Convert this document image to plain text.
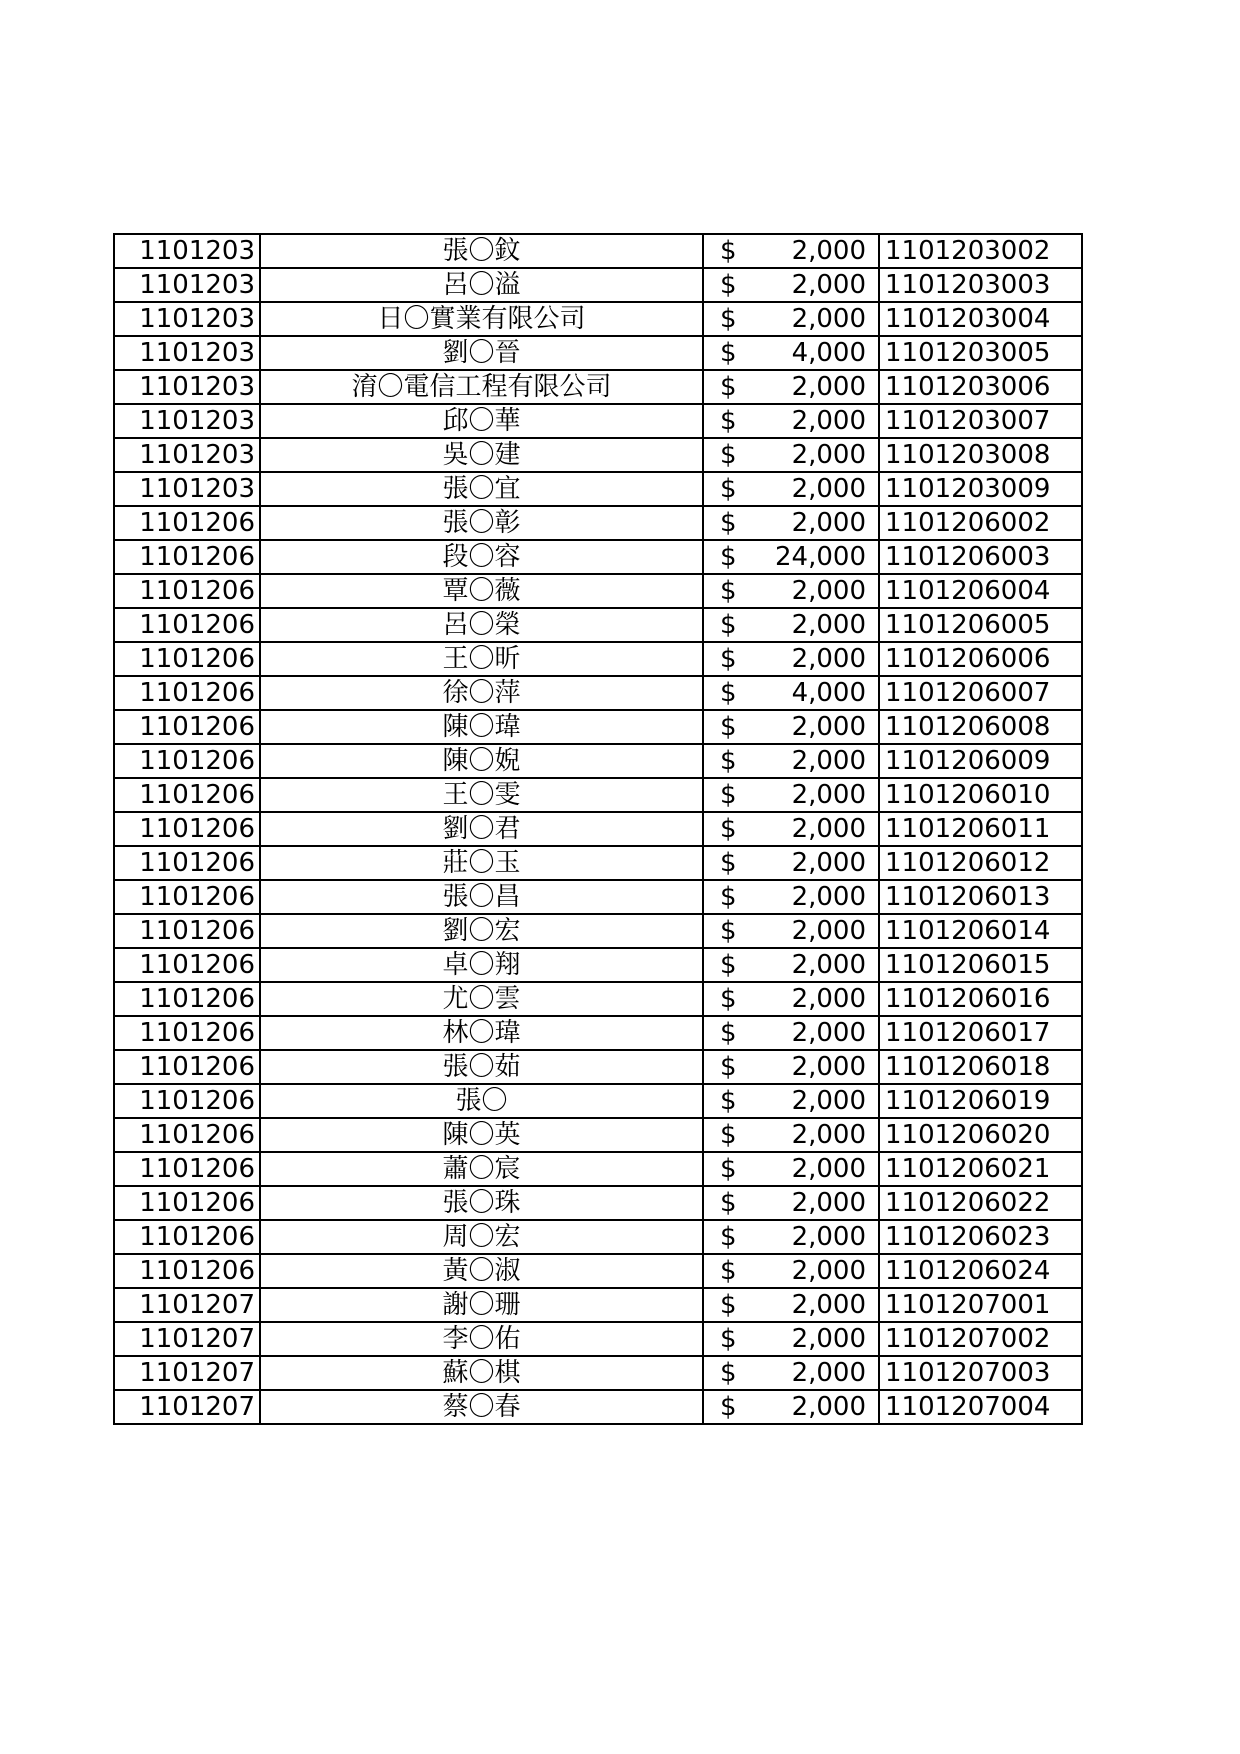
1101203	張〇鈫	$ 2,000	1101203002
1101203	呂〇溢	$ 2,000	1101203003
1101203	日〇實業有限公司	$ 2,000	1101203004
1101203	劉〇晉	$ 4,000	1101203005
1101203	淯〇電信工程有限公司	$ 2,000	1101203006
1101203	邱〇華	$ 2,000	1101203007
1101203	吳〇建	$ 2,000	1101203008
1101203	張〇宜	$ 2,000	1101203009
1101206	張〇彰	$ 2,000	1101206002
1101206	段〇容	$ 24,000	1101206003
1101206	覃〇薇	$ 2,000	1101206004
1101206	呂〇榮	$ 2,000	1101206005
1101206	王〇昕	$ 2,000	1101206006
1101206	徐〇萍	$ 4,000	1101206007
1101206	陳〇瑋	$ 2,000	1101206008
1101206	陳〇婗	$ 2,000	1101206009
1101206	王〇雯	$ 2,000	1101206010
1101206	劉〇君	$ 2,000	1101206011
1101206	莊〇玉	$ 2,000	1101206012
1101206	張〇昌	$ 2,000	1101206013
1101206	劉〇宏	$ 2,000	1101206014
1101206	卓〇翔	$ 2,000	1101206015
1101206	尤〇雲	$ 2,000	1101206016
1101206	林〇瑋	$ 2,000	1101206017
1101206	張〇茹	$ 2,000	1101206018
1101206	張〇	$ 2,000	1101206019
1101206	陳〇英	$ 2,000	1101206020
1101206	蕭〇宸	$ 2,000	1101206021
1101206	張〇珠	$ 2,000	1101206022
1101206	周〇宏	$ 2,000	1101206023
1101206	黃〇淑	$ 2,000	1101206024
1101207	謝〇珊	$ 2,000	1101207001
1101207	李〇佑	$ 2,000	1101207002
1101207	蘇〇棋	$ 2,000	1101207003
1101207	蔡〇春	$ 2,000	1101207004
